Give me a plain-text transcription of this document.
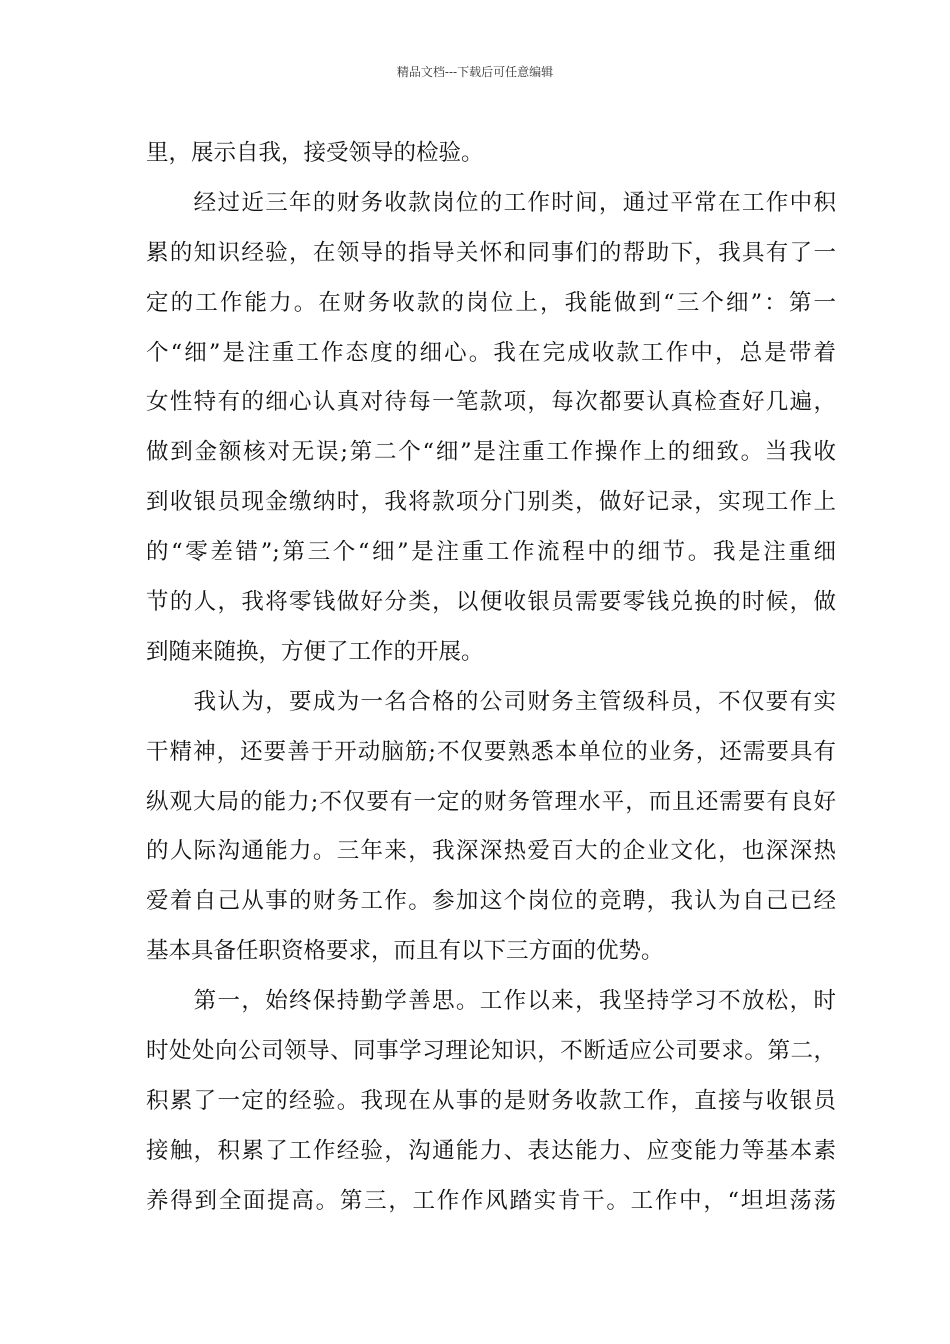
精品文档---下载后可任意编辑
里，展示自我，接受领导的检验。
　　经过近三年的财务收款岗位的工作时间，通过平常在工作中积
累的知识经验，在领导的指导关怀和同事们的帮助下，我具有了一
定的工作能力。在财务收款的岗位上，我能做到“三个细”：第一
个“细”是注重工作态度的细心。我在完成收款工作中，总是带着
女性特有的细心认真对待每一笔款项，每次都要认真检查好几遍，
做到金额核对无误;第二个“细”是注重工作操作上的细致。当我收
到收银员现金缴纳时，我将款项分门别类，做好记录，实现工作上
的“零差错”;第三个“细”是注重工作流程中的细节。我是注重细
节的人，我将零钱做好分类，以便收银员需要零钱兑换的时候，做
到随来随换，方便了工作的开展。
　　我认为，要成为一名合格的公司财务主管级科员，不仅要有实
干精神，还要善于开动脑筋;不仅要熟悉本单位的业务，还需要具有
纵观大局的能力;不仅要有一定的财务管理水平，而且还需要有良好
的人际沟通能力。三年来，我深深热爱百大的企业文化，也深深热
爱着自己从事的财务工作。参加这个岗位的竞聘，我认为自己已经
基本具备任职资格要求，而且有以下三方面的优势。
　　第一，始终保持勤学善思。工作以来，我坚持学习不放松，时
时处处向公司领导、同事学习理论知识，不断适应公司要求。第二，
积累了一定的经验。我现在从事的是财务收款工作，直接与收银员
接触，积累了工作经验，沟通能力、表达能力、应变能力等基本素
养得到全面提高。第三，工作作风踏实肯干。工作中，“坦坦荡荡
